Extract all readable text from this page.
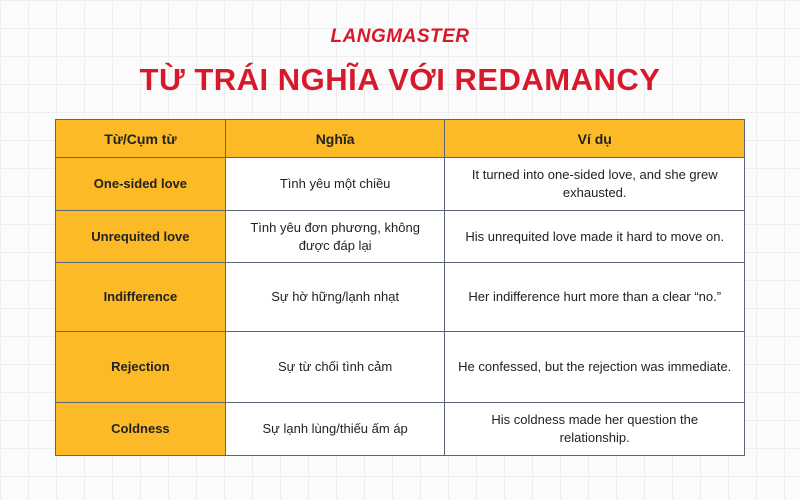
LANGMASTER
TỪ TRÁI NGHĨA VỚI REDAMANCY
Từ/Cụm từ	Nghĩa	Ví dụ
One-sided love	Tình yêu một chiều	It turned into one-sided love, and she grew exhausted.
Unrequited love	Tình yêu đơn phương, không được đáp lại	His unrequited love made it hard to move on.
Indifference	Sự hờ hững/lạnh nhạt	Her indifference hurt more than a clear “no.”
Rejection	Sự từ chối tình cảm	He confessed, but the rejection was immediate.
Coldness	Sự lạnh lùng/thiếu ấm áp	His coldness made her question the relationship.
